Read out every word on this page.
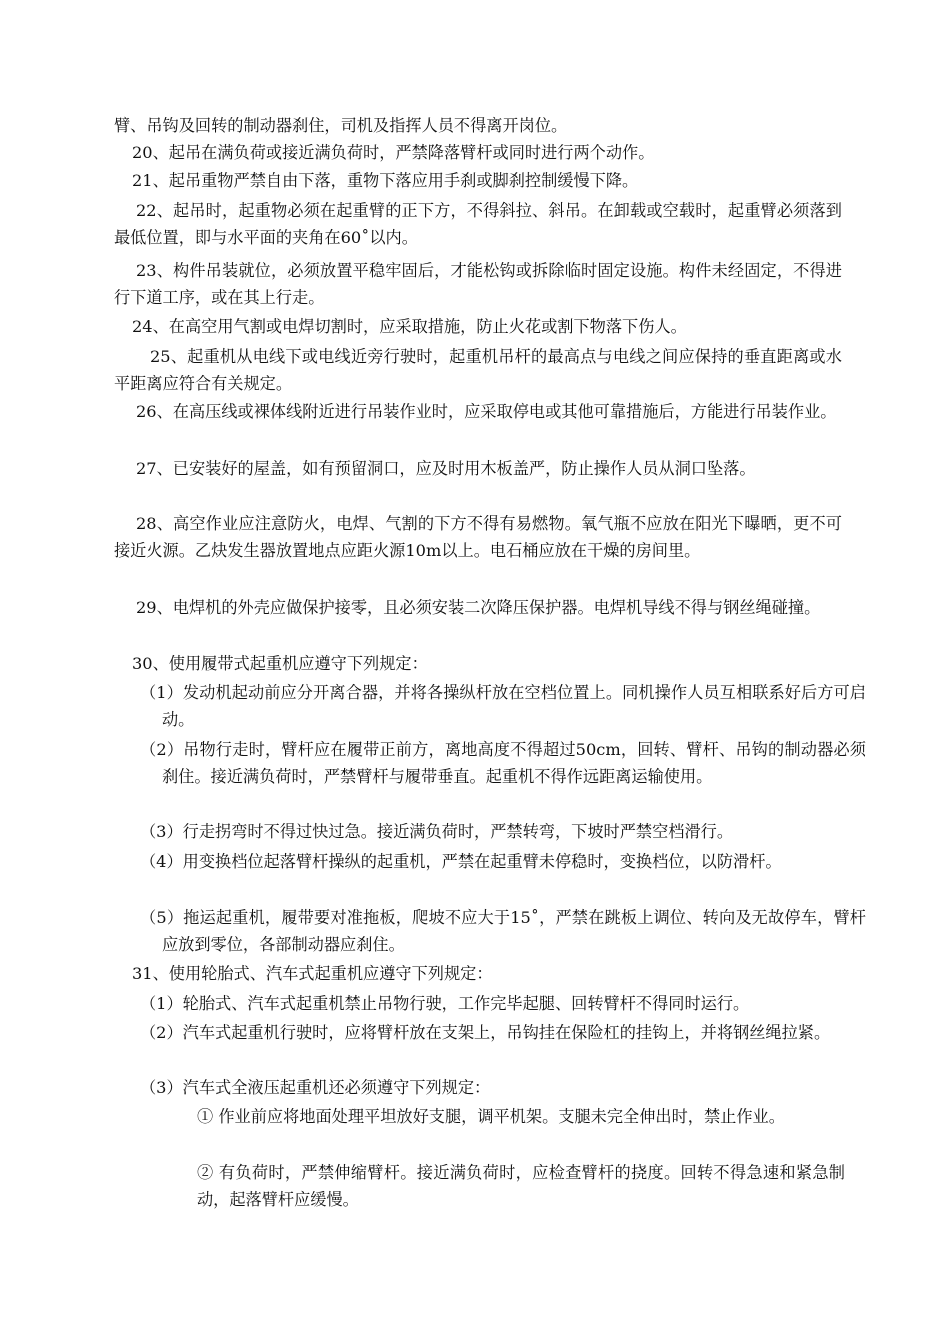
臂、吊钩及回转的制动器刹住，司机及指挥人员不得离开岗位。

20、起吊在满负荷或接近满负荷时，严禁降落臂杆或同时进行两个动作。

21、起吊重物严禁自由下落，重物下落应用手刹或脚刹控制缓慢下降。

22、起吊时，起重物必须在起重臂的正下方，不得斜拉、斜吊。在卸载或空载时，起重臂必须落到最低位置，即与水平面的夹角在60˚以内。

23、构件吊装就位，必须放置平稳牢固后，才能松钩或拆除临时固定设施。构件未经固定，不得进行下道工序，或在其上行走。

24、在高空用气割或电焊切割时，应采取措施，防止火花或割下物落下伤人。

25、起重机从电线下或电线近旁行驶时，起重机吊杆的最高点与电线之间应保持的垂直距离或水平距离应符合有关规定。

26、在高压线或裸体线附近进行吊装作业时，应采取停电或其他可靠措施后，方能进行吊装作业。

27、已安装好的屋盖，如有预留洞口，应及时用木板盖严，防止操作人员从洞口坠落。

28、高空作业应注意防火，电焊、气割的下方不得有易燃物。氧气瓶不应放在阳光下曝晒，更不可接近火源。乙炔发生器放置地点应距火源10m以上。电石桶应放在干燥的房间里。

29、电焊机的外壳应做保护接零，且必须安装二次降压保护器。电焊机导线不得与钢丝绳碰撞。

30、使用履带式起重机应遵守下列规定：

（1）发动机起动前应分开离合器，并将各操纵杆放在空档位置上。同机操作人员互相联系好后方可启动。

（2）吊物行走时，臂杆应在履带正前方，离地高度不得超过50cm，回转、臂杆、吊钩的制动器必须刹住。接近满负荷时，严禁臂杆与履带垂直。起重机不得作远距离运输使用。

（3）行走拐弯时不得过快过急。接近满负荷时，严禁转弯，下坡时严禁空档滑行。

（4）用变换档位起落臂杆操纵的起重机，严禁在起重臂未停稳时，变换档位，以防滑杆。

（5）拖运起重机，履带要对准拖板，爬坡不应大于15˚，严禁在跳板上调位、转向及无故停车，臂杆应放到零位，各部制动器应刹住。

31、使用轮胎式、汽车式起重机应遵守下列规定：

（1）轮胎式、汽车式起重机禁止吊物行驶，工作完毕起腿、回转臂杆不得同时运行。

（2）汽车式起重机行驶时，应将臂杆放在支架上，吊钩挂在保险杠的挂钩上，并将钢丝绳拉紧。

（3）汽车式全液压起重机还必须遵守下列规定：

① 作业前应将地面处理平坦放好支腿，调平机架。支腿未完全伸出时，禁止作业。

② 有负荷时，严禁伸缩臂杆。接近满负荷时，应检查臂杆的挠度。回转不得急速和紧急制动，起落臂杆应缓慢。
